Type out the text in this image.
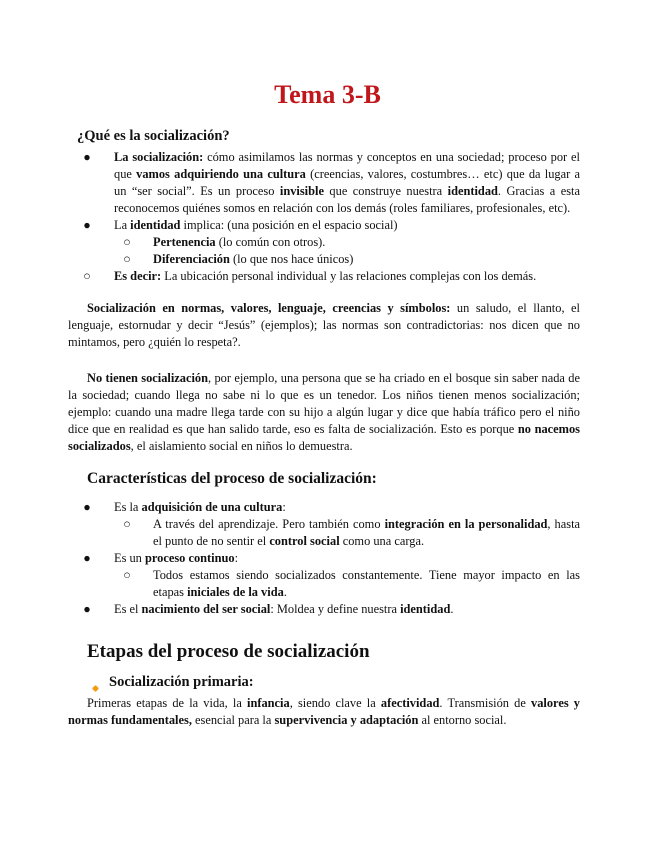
Tema 3-B
¿Qué es la socialización?
● La socialización: cómo asimilamos las normas y conceptos en una sociedad; proceso por el que vamos adquiriendo una cultura (creencias, valores, costumbres… etc) que da lugar a un “ser social”. Es un proceso invisible que construye nuestra identidad. Gracias a esta reconocemos quiénes somos en relación con los demás (roles familiares, profesionales, etc).
● La identidad implica: (una posición en el espacio social)
○ Pertenencia (lo común con otros).
○ Diferenciación (lo que nos hace únicos)
○ Es decir: La ubicación personal individual y las relaciones complejas con los demás.

Socialización en normas, valores, lenguaje, creencias y símbolos: un saludo, el llanto, el lenguaje, estornudar y decir “Jesús” (ejemplos); las normas son contradictorias: nos dicen que no mintamos, pero ¿quién lo respeta?.

No tienen socialización, por ejemplo, una persona que se ha criado en el bosque sin saber nada de la sociedad; cuando llega no sabe ni lo que es un tenedor. Los niños tienen menos socialización; ejemplo: cuando una madre llega tarde con su hijo a algún lugar y dice que había tráfico pero el niño dice que en realidad es que han salido tarde, eso es falta de socialización. Esto es porque no nacemos socializados, el aislamiento social en niños lo demuestra.

Características del proceso de socialización:
● Es la adquisición de una cultura:
○ A través del aprendizaje. Pero también como integración en la personalidad, hasta el punto de no sentir el control social como una carga.
● Es un proceso continuo:
○ Todos estamos siendo socializados constantemente. Tiene mayor impacto en las etapas iniciales de la vida.
● Es el nacimiento del ser social: Moldea y define nuestra identidad.
Etapas del proceso de socialización
Socialización primaria:

Primeras etapas de la vida, la infancia, siendo clave la afectividad. Transmisión de valores y normas fundamentales, esencial para la supervivencia y adaptación al entorno social.
